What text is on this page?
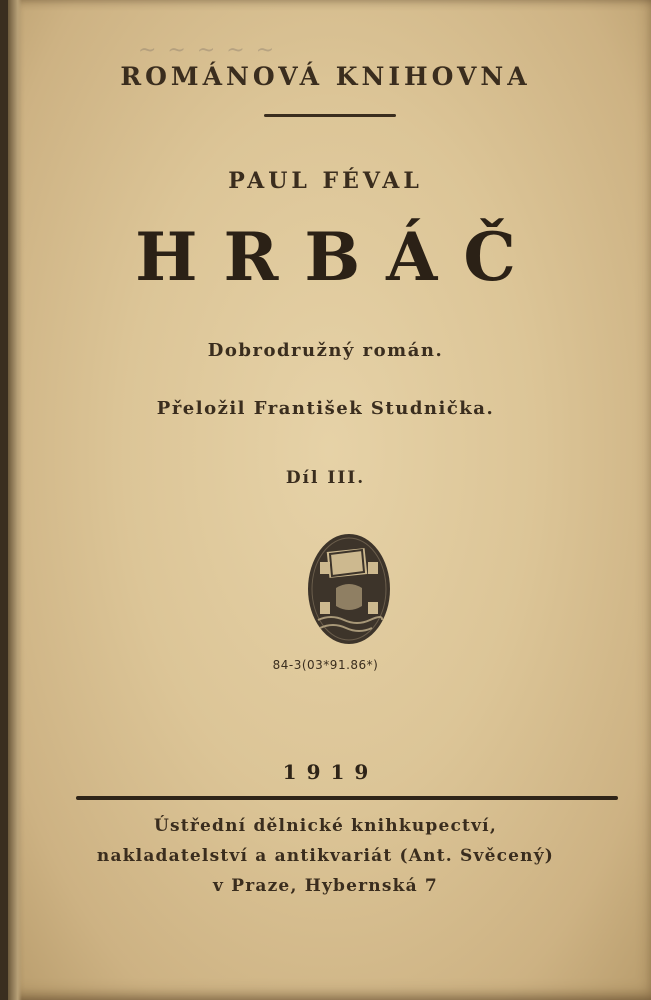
~ ~ ~ ~ ~
ROMÁNOVÁ KNIHOVNA
PAUL FÉVAL
HRBÁČ
Dobrodružný román.
Přeložil František Studnička.
Díl III.
84-3(03*91.86*)
1919
Ústřední dělnické knihkupectví,
nakladatelství a antikvariát (Ant. Svěcený)
v Praze, Hybernská 7
